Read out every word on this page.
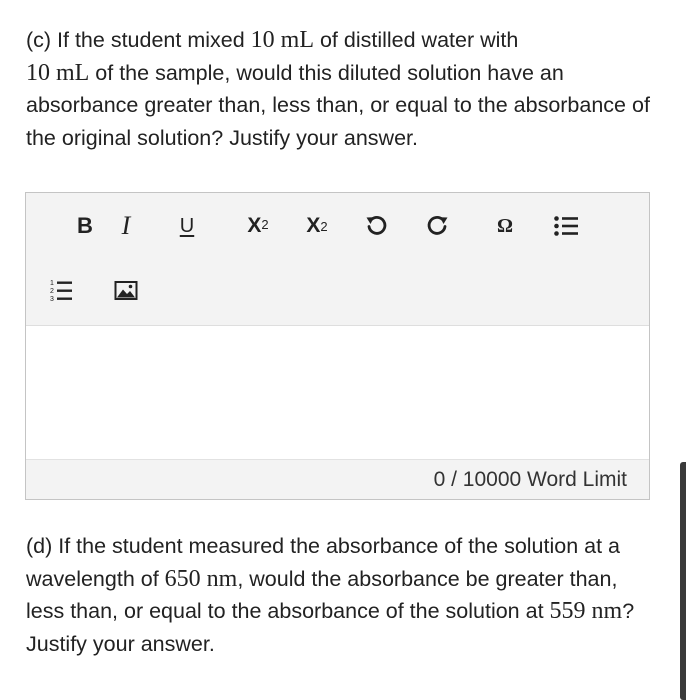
(c) If the student mixed 10 mL of distilled water with
10 mL of the sample, would this diluted solution have an absorbance greater than, less than, or equal to the absorbance of the original solution? Justify your answer.
B	I	U	$X^2$ X 2	Ω
1
2
3
0 / 10000 Word Limit
(d) If the student measured the absorbance of the solution at a wavelength of 650 nm, would the absorbance be greater than, less than, or equal to the absorbance of the solution at 559 nm? Justify your answer.
